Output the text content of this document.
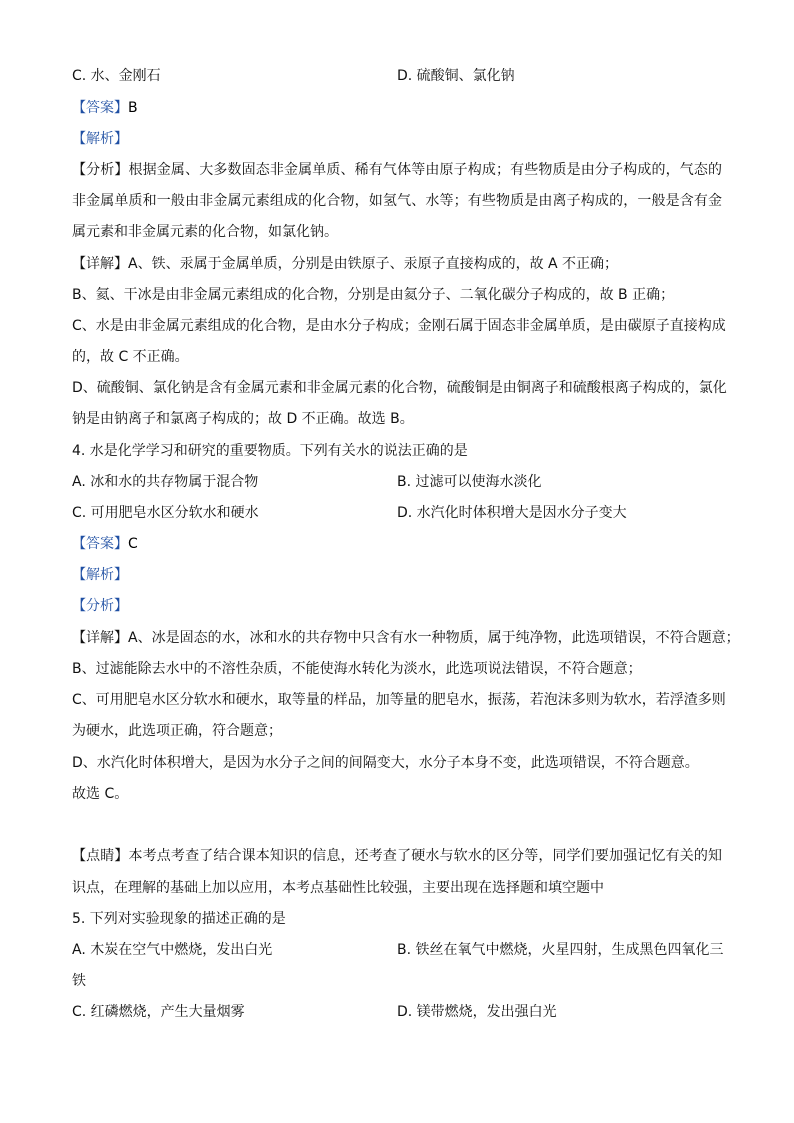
C. 水、金刚石	D. 硫酸铜、氯化钠
【答案】B
【解析】
【分析】根据金属、大多数固态非金属单质、稀有气体等由原子构成；有些物质是由分子构成的，气态的
非金属单质和一般由非金属元素组成的化合物，如氢气、水等；有些物质是由离子构成的，一般是含有金
属元素和非金属元素的化合物，如氯化钠。
【详解】A、铁、汞属于金属单质，分别是由铁原子、汞原子直接构成的，故 A 不正确；
B、氦、干冰是由非金属元素组成的化合物，分别是由氦分子、二氧化碳分子构成的，故 B 正确；
C、水是由非金属元素组成的化合物，是由水分子构成；金刚石属于固态非金属单质，是由碳原子直接构成
的，故 C 不正确。
D、硫酸铜、氯化钠是含有金属元素和非金属元素的化合物，硫酸铜是由铜离子和硫酸根离子构成的，氯化
钠是由钠离子和氯离子构成的；故 D 不正确。故选 B。
4. 水是化学学习和研究的重要物质。下列有关水的说法正确的是
A. 冰和水的共存物属于混合物	B. 过滤可以使海水淡化
C. 可用肥皂水区分软水和硬水	D. 水汽化时体积增大是因水分子变大
【答案】C
【解析】
【分析】
【详解】A、冰是固态的水，冰和水的共存物中只含有水一种物质，属于纯净物，此选项错误，不符合题意；
B、过滤能除去水中的不溶性杂质，不能使海水转化为淡水，此选项说法错误，不符合题意；
C、可用肥皂水区分软水和硬水，取等量的样品，加等量的肥皂水，振荡，若泡沫多则为软水，若浮渣多则
为硬水，此选项正确，符合题意；
D、水汽化时体积增大，是因为水分子之间的间隔变大，水分子本身不变，此选项错误，不符合题意。
故选 C。
【点睛】本考点考查了结合课本知识的信息，还考查了硬水与软水的区分等，同学们要加强记忆有关的知
识点，在理解的基础上加以应用，本考点基础性比较强，主要出现在选择题和填空题中
5. 下列对实验现象的描述正确的是
A. 木炭在空气中燃烧，发出白光	B. 铁丝在氧气中燃烧，火星四射，生成黑色四氧化三
铁
C. 红磷燃烧，产生大量烟雾	D. 镁带燃烧，发出强白光
